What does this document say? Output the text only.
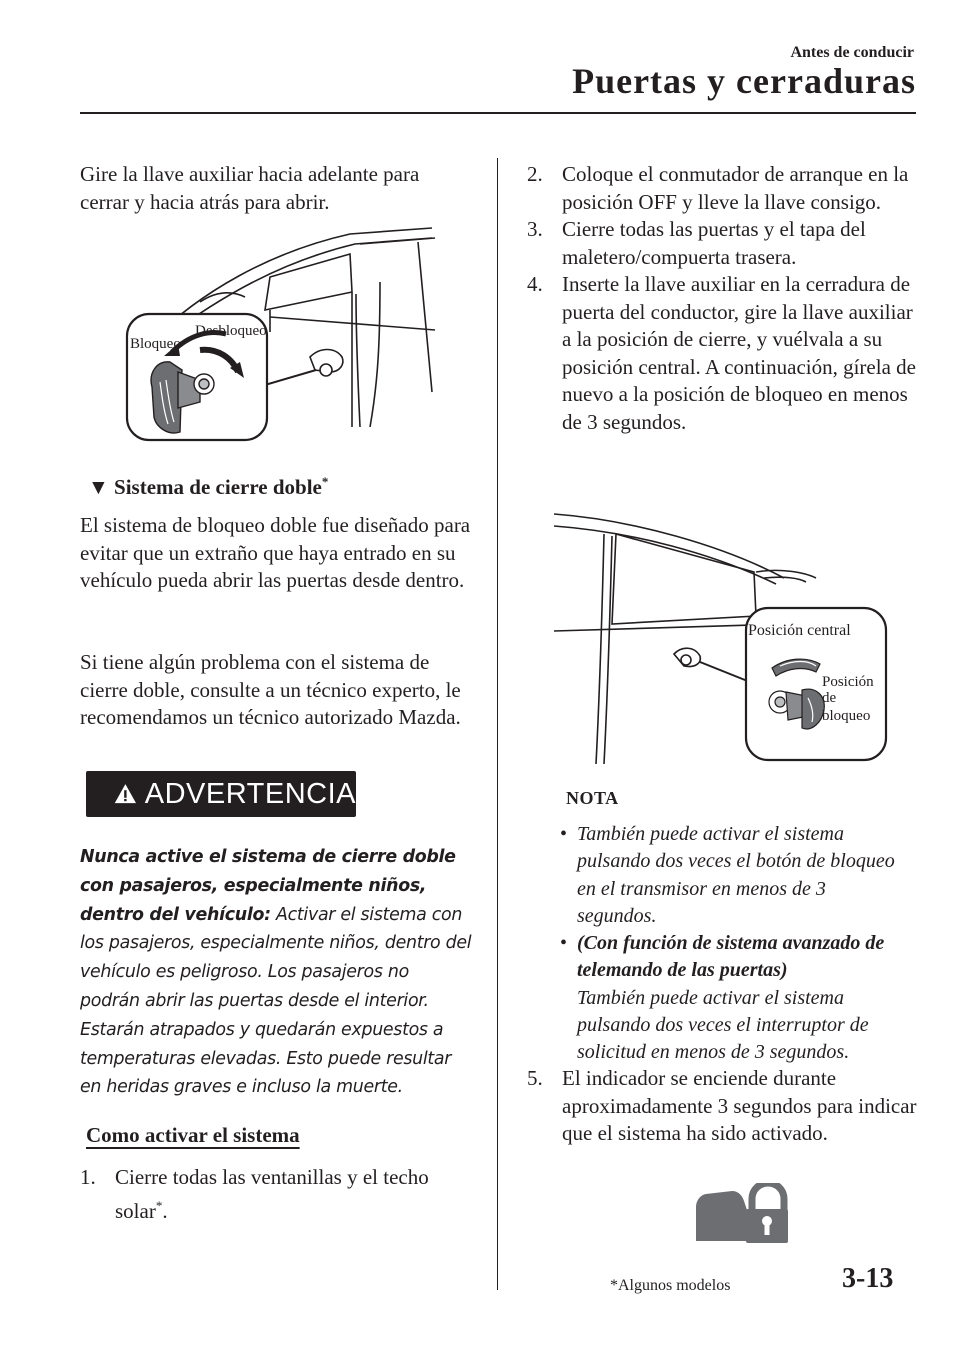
Antes de conducir
Puertas y cerraduras
Gire la llave auxiliar hacia adelante para cerrar y hacia atrás para abrir.
Bloqueo
Desbloqueo
▼ Sistema de cierre doble*
El sistema de bloqueo doble fue diseñado para evitar que un extraño que haya entrado en su vehículo pueda abrir las puertas desde dentro.
Si tiene algún problema con el sistema de cierre doble, consulte a un técnico experto, le recomendamos un técnico autorizado Mazda.
ADVERTENCIA
Nunca active el sistema de cierre doble con pasajeros, especialmente niños, dentro del vehículo: Activar el sistema con los pasajeros, especialmente niños, dentro del vehículo es peligroso. Los pasajeros no podrán abrir las puertas desde el interior. Estarán atrapados y quedarán expuestos a temperaturas elevadas. Esto puede resultar en heridas graves e incluso la muerte.
Como activar el sistema
1. Cierre todas las ventanillas y el techo solar*.
2. Coloque el conmutador de arranque en la posición OFF y lleve la llave consigo.
3. Cierre todas las puertas y el tapa del maletero/compuerta trasera.
4. Inserte la llave auxiliar en la cerradura de puerta del conductor, gire la llave auxiliar a la posición de cierre, y vuélvala a su posición central. A continuación, gírela de nuevo a la posición de bloqueo en menos de 3 segundos.
Posición central
Posición
de
bloqueo
NOTA
• También puede activar el sistema pulsando dos veces el botón de bloqueo en el transmisor en menos de 3 segundos.
• (Con función de sistema avanzado de telemando de las puertas)
También puede activar el sistema pulsando dos veces el interruptor de solicitud en menos de 3 segundos.
5. El indicador se enciende durante aproximadamente 3 segundos para indicar que el sistema ha sido activado.
*Algunos modelos	3-13
